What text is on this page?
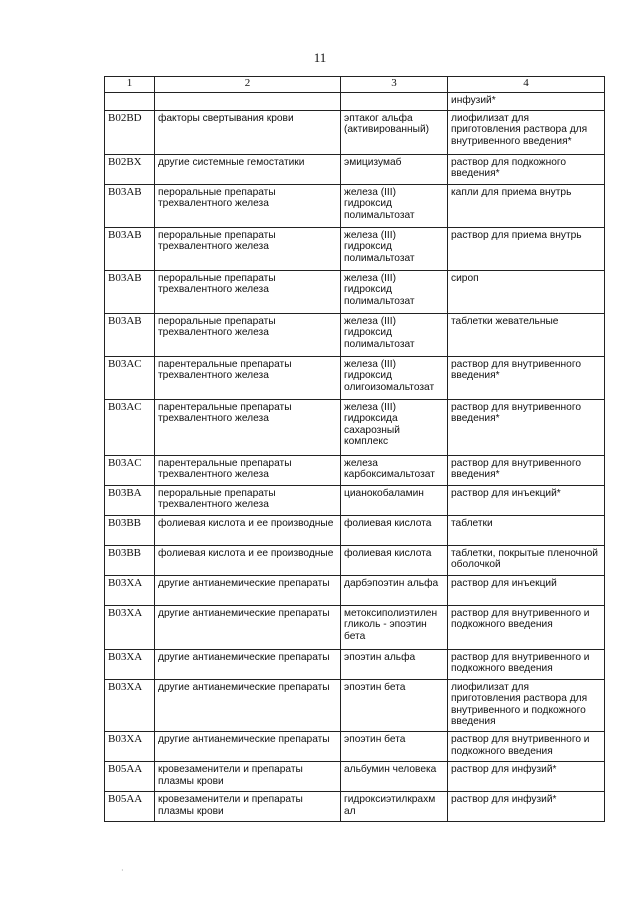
11
1	2	3	4
			инфузий*
B02BD	факторы свертывания крови	эптаког альфа (активированный)	лиофилизат для приготовления раствора для внутривенного введения*
B02BX	другие системные гемостатики	эмицизумаб	раствор для подкожного введения*
B03AB	пероральные препараты трехвалентного железа	железа (III) гидроксид полимальтозат	капли для приема внутрь
B03AB	пероральные препараты трехвалентного железа	железа (III) гидроксид полимальтозат	раствор для приема внутрь
B03AB	пероральные препараты трехвалентного железа	железа (III) гидроксид полимальтозат	сироп
B03AB	пероральные препараты трехвалентного железа	железа (III) гидроксид полимальтозат	таблетки жевательные
B03AC	парентеральные препараты трехвалентного железа	железа (III) гидроксид олигоизомальтозат	раствор для внутривенного введения*
B03AC	парентеральные препараты трехвалентного железа	железа (III) гидроксида сахарозный комплекс	раствор для внутривенного введения*
B03AC	парентеральные препараты трехвалентного железа	железа карбоксимальтозат	раствор для внутривенного введения*
B03BA	пероральные препараты трехвалентного железа	цианокобаламин	раствор для инъекций*
B03BB	фолиевая кислота и ее производные	фолиевая кислота	таблетки
B03BB	фолиевая кислота и ее производные	фолиевая кислота	таблетки, покрытые пленочной оболочкой
B03XA	другие антианемические препараты	дарбэпоэтин альфа	раствор для инъекций
B03XA	другие антианемические препараты	метоксиполиэтилен гликоль - эпоэтин бета	раствор для внутривенного и подкожного введения
B03XA	другие антианемические препараты	эпоэтин альфа	раствор для внутривенного и подкожного введения
B03XA	другие антианемические препараты	эпоэтин бета	лиофилизат для приготовления раствора для внутривенного и подкожного введения
B03XA	другие антианемические препараты	эпоэтин бета	раствор для внутривенного и подкожного введения
B05AA	кровезаменители и препараты плазмы крови	альбумин человека	раствор для инфузий*
B05AA	кровезаменители и препараты плазмы крови	гидроксиэтилкрахм ал	раствор для инфузий*
·
